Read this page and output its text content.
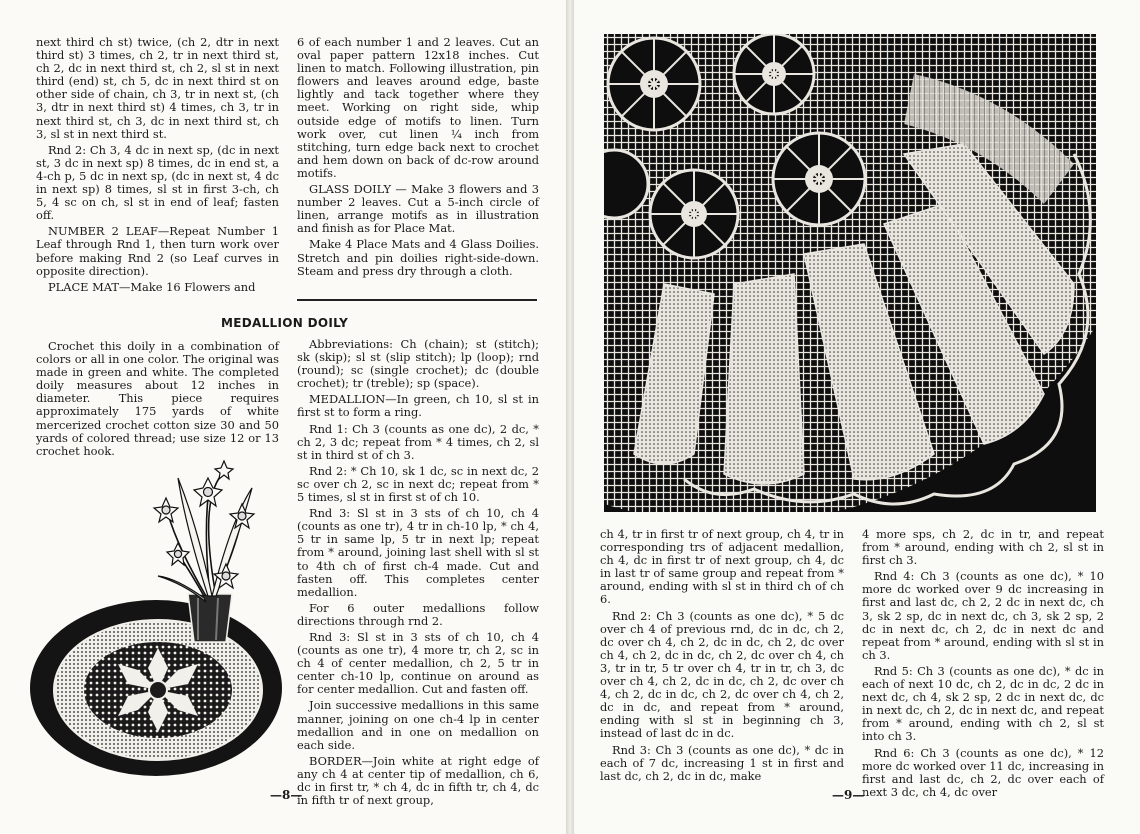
next third ch st) twice, (ch 2, dtr in next third st) 3 times, ch 2, tr in next third st, ch 2, dc in next third st, ch 2, sl st in next third (end) st, ch 5, dc in next third st on other side of chain, ch 3, tr in next st, (ch 3, dtr in next third st) 4 times, ch 3, tr in next third st, ch 3, dc in next third st, ch 3, sl st in next third st.

Rnd 2: Ch 3, 4 dc in next sp, (dc in next st, 3 dc in next sp) 8 times, dc in end st, a 4-ch p, 5 dc in next sp, (dc in next st, 4 dc in next sp) 8 times, sl st in first 3-ch, ch 5, 4 sc on ch, sl st in end of leaf; fasten off.

NUMBER 2 LEAF—Repeat Number 1 Leaf through Rnd 1, then turn work over before making Rnd 2 (so Leaf curves in opposite direction).

PLACE MAT—Make 16 Flowers and

6 of each number 1 and 2 leaves. Cut an oval paper pattern 12x18 inches. Cut linen to match. Following illustration, pin flowers and leaves around edge, baste lightly and tack together where they meet. Working on right side, whip outside edge of motifs to linen. Turn work over, cut linen ¼ inch from stitching, turn edge back next to crochet and hem down on back of dc-row around motifs.

GLASS DOILY — Make 3 flowers and 3 number 2 leaves. Cut a 5-inch circle of linen, arrange motifs as in illustration and finish as for Place Mat.

Make 4 Place Mats and 4 Glass Doilies. Stretch and pin doilies right-side-down. Steam and press dry through a cloth.

MEDALLION DOILY

Crochet this doily in a combination of colors or all in one color. The original was made in green and white. The completed doily measures about 12 inches in diameter. This piece requires approximately 175 yards of white mercerized crochet cotton size 30 and 50 yards of colored thread; use size 12 or 13 crochet hook.

Abbreviations: Ch (chain); st (stitch); sk (skip); sl st (slip stitch); lp (loop); rnd (round); sc (single crochet); dc (double crochet); tr (treble); sp (space).

MEDALLION—In green, ch 10, sl st in first st to form a ring.

Rnd 1: Ch 3 (counts as one dc), 2 dc, * ch 2, 3 dc; repeat from * 4 times, ch 2, sl st in third st of ch 3.

Rnd 2: * Ch 10, sk 1 dc, sc in next dc, 2 sc over ch 2, sc in next dc; repeat from * 5 times, sl st in first st of ch 10.

Rnd 3: Sl st in 3 sts of ch 10, ch 4 (counts as one tr), 4 tr in ch-10 lp, * ch 4, 5 tr in same lp, 5 tr in next lp; repeat from * around, joining last shell with sl st to 4th ch of first ch-4 made. Cut and fasten off. This completes center medallion.

For 6 outer medallions follow directions through rnd 2.

Rnd 3: Sl st in 3 sts of ch 10, ch 4 (counts as one tr), 4 more tr, ch 2, sc in ch 4 of center medallion, ch 2, 5 tr in center ch-10 lp, continue on around as for center medallion. Cut and fasten off.

Join successive medallions in this same manner, joining on one ch-4 lp in center medallion and in one on medallion on each side.

BORDER—Join white at right edge of any ch 4 at center tip of medallion, ch 6, dc in first tr, * ch 4, dc in fifth tr, ch 4, dc in fifth tr of next group,

—8—

ch 4, tr in first tr of next group, ch 4, tr in corresponding trs of adjacent medallion, ch 4, dc in first tr of next group, ch 4, dc in last tr of same group and repeat from * around, ending with sl st in third ch of ch 6.

Rnd 2: Ch 3 (counts as one dc), * 5 dc over ch 4 of previous rnd, dc in dc, ch 2, dc over ch 4, ch 2, dc in dc, ch 2, dc over ch 4, ch 2, dc in dc, ch 2, dc over ch 4, ch 3, tr in tr, 5 tr over ch 4, tr in tr, ch 3, dc over ch 4, ch 2, dc in dc, ch 2, dc over ch 4, ch 2, dc in dc, ch 2, dc over ch 4, ch 2, dc in dc, and repeat from * around, ending with sl st in beginning ch 3, instead of last dc in dc.

Rnd 3: Ch 3 (counts as one dc), * dc in each of 7 dc, increasing 1 st in first and last dc, ch 2, dc in dc, make

4 more sps, ch 2, dc in tr, and repeat from * around, ending with ch 2, sl st in first ch 3.

Rnd 4: Ch 3 (counts as one dc), * 10 more dc worked over 9 dc increasing in first and last dc, ch 2, 2 dc in next dc, ch 3, sk 2 sp, dc in next dc, ch 3, sk 2 sp, 2 dc in next dc, ch 2, dc in next dc and repeat from * around, ending with sl st in ch 3.

Rnd 5: Ch 3 (counts as one dc), * dc in each of next 10 dc, ch 2, dc in dc, 2 dc in next dc, ch 4, sk 2 sp, 2 dc in next dc, dc in next dc, ch 2, dc in next dc, and repeat from * around, ending with ch 2, sl st into ch 3.

Rnd 6: Ch 3 (counts as one dc), * 12 more dc worked over 11 dc, increasing in first and last dc, ch 2, dc over each of next 3 dc, ch 4, dc over

—9—
